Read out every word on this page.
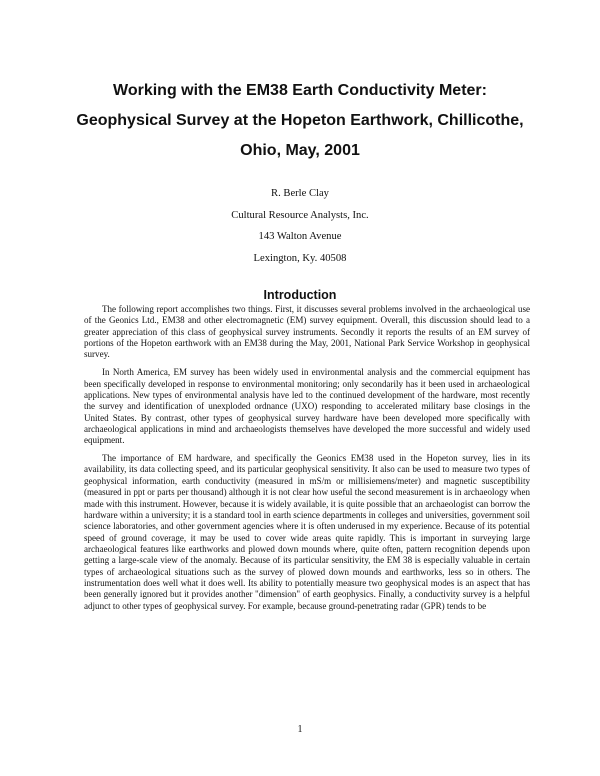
Working with the EM38 Earth Conductivity Meter:
Geophysical Survey at the Hopeton Earthwork, Chillicothe,
Ohio, May, 2001
R. Berle Clay
Cultural Resource Analysts, Inc.
143 Walton Avenue
Lexington, Ky. 40508
Introduction

The following report accomplishes two things. First, it discusses several problems involved in the archaeological use of the Geonics Ltd., EM38 and other electromagnetic (EM) survey equipment. Overall, this discussion should lead to a greater appreciation of this class of geophysical survey instruments. Secondly it reports the results of an EM survey of portions of the Hopeton earthwork with an EM38 during the May, 2001, National Park Service Workshop in geophysical survey.

In North America, EM survey has been widely used in environmental analysis and the commercial equipment has been specifically developed in response to environmental monitoring; only secondarily has it been used in archaeological applications. New types of environmental analysis have led to the continued development of the hardware, most recently the survey and identification of unexploded ordnance (UXO) responding to accelerated military base closings in the United States. By contrast, other types of geophysical survey hardware have been developed more specifically with archaeological applications in mind and archaeologists themselves have developed the more successful and widely used equipment.

The importance of EM hardware, and specifically the Geonics EM38 used in the Hopeton survey, lies in its availability, its data collecting speed, and its particular geophysical sensitivity. It also can be used to measure two types of geophysical information, earth conductivity (measured in mS/m or millisiemens/meter) and magnetic susceptibility (measured in ppt or parts per thousand) although it is not clear how useful the second measurement is in archaeology when made with this instrument. However, because it is widely available, it is quite possible that an archaeologist can borrow the hardware within a university; it is a standard tool in earth science departments in colleges and universities, government soil science laboratories, and other government agencies where it is often underused in my experience. Because of its potential speed of ground coverage, it may be used to cover wide areas quite rapidly. This is important in surveying large archaeological features like earthworks and plowed down mounds where, quite often, pattern recognition depends upon getting a large-scale view of the anomaly. Because of its particular sensitivity, the EM 38 is especially valuable in certain types of archaeological situations such as the survey of plowed down mounds and earthworks, less so in others. The instrumentation does well what it does well. Its ability to potentially measure two geophysical modes is an aspect that has been generally ignored but it provides another "dimension" of earth geophysics. Finally, a conductivity survey is a helpful adjunct to other types of geophysical survey. For example, because ground-penetrating radar (GPR) tends to be

1
